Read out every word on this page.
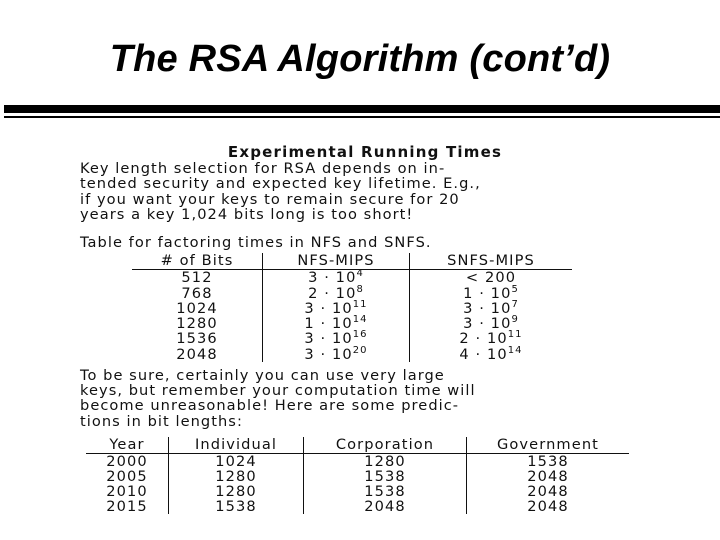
The RSA Algorithm (cont’d)
Experimental Running Times
Key length selection for RSA depends on in-
tended security and expected key lifetime. E.g.,
if you want your keys to remain secure for 20
years a key 1,024 bits long is too short!
Table for factoring times in NFS and SNFS.
# of Bits	NFS-MIPS	SNFS-MIPS
512	$3 \cdot 10^4$	< 200
768	$2 \cdot 10^8$	$1 \cdot 10^5$
1024	$3 \cdot 10^{11}$	$3 \cdot 10^7$
1280	$1 \cdot 10^{14}$	$3 \cdot 10^9$
1536	$3 \cdot 10^{16}$	$2 \cdot 10^{11}$
2048	$3 \cdot 10^{20}$	$4 \cdot 10^{14}$
To be sure, certainly you can use very large
keys, but remember your computation time will
become unreasonable! Here are some predic-
tions in bit lengths:
Year	Individual	Corporation	Government
2000	1024	1280	1538
2005	1280	1538	2048
2010	1280	1538	2048
2015	1538	2048	2048
